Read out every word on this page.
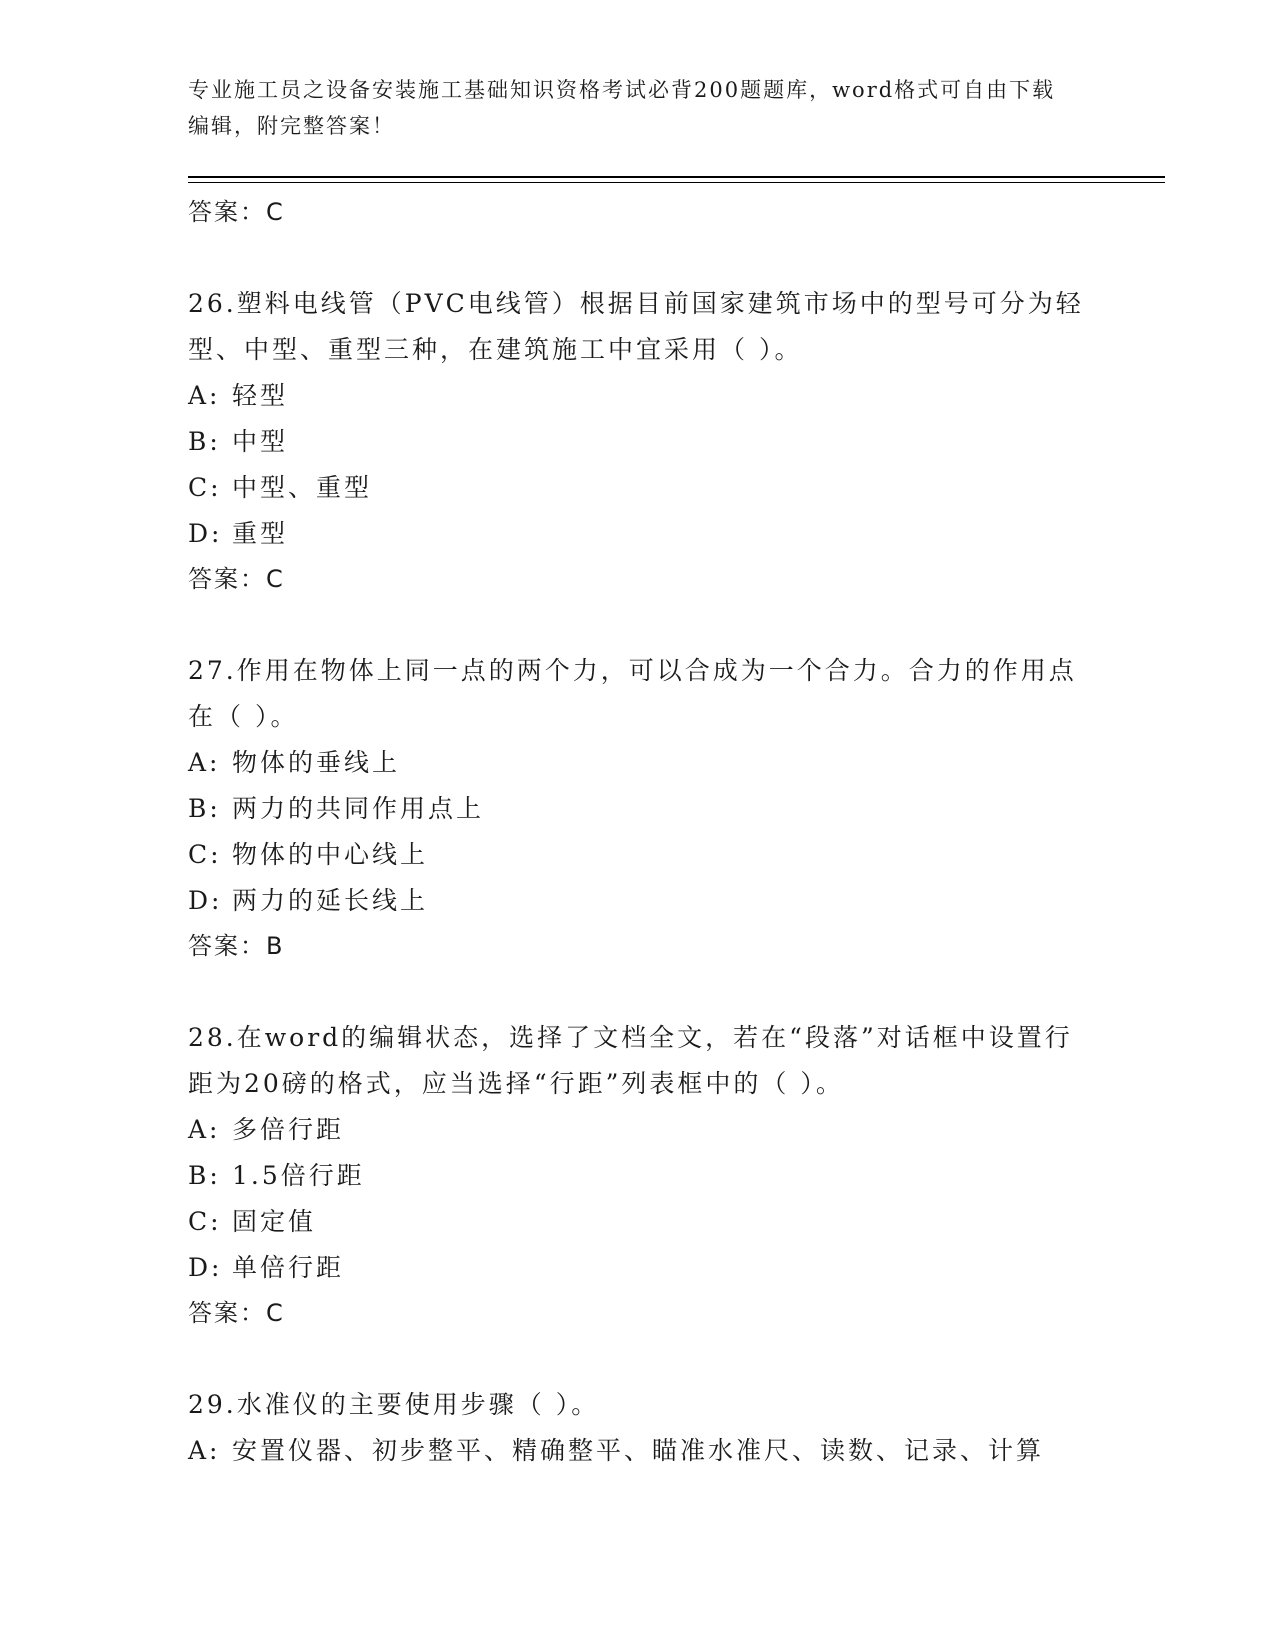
专业施工员之设备安装施工基础知识资格考试必背200题题库，word格式可自由下载编辑，附完整答案！
答案：C
26.塑料电线管（PVC电线管）根据目前国家建筑市场中的型号可分为轻型、中型、重型三种，在建筑施工中宜采用（ ）。
A: 轻型
B: 中型
C: 中型、重型
D: 重型
答案：C
27.作用在物体上同一点的两个力，可以合成为一个合力。合力的作用点在（ ）。
A: 物体的垂线上
B: 两力的共同作用点上
C: 物体的中心线上
D: 两力的延长线上
答案：B
28.在word的编辑状态，选择了文档全文，若在“段落”对话框中设置行距为20磅的格式，应当选择“行距”列表框中的（ ）。
A: 多倍行距
B: 1.5倍行距
C: 固定值
D: 单倍行距
答案：C
29.水准仪的主要使用步骤（ ）。
A: 安置仪器、初步整平、精确整平、瞄准水准尺、读数、记录、计算
